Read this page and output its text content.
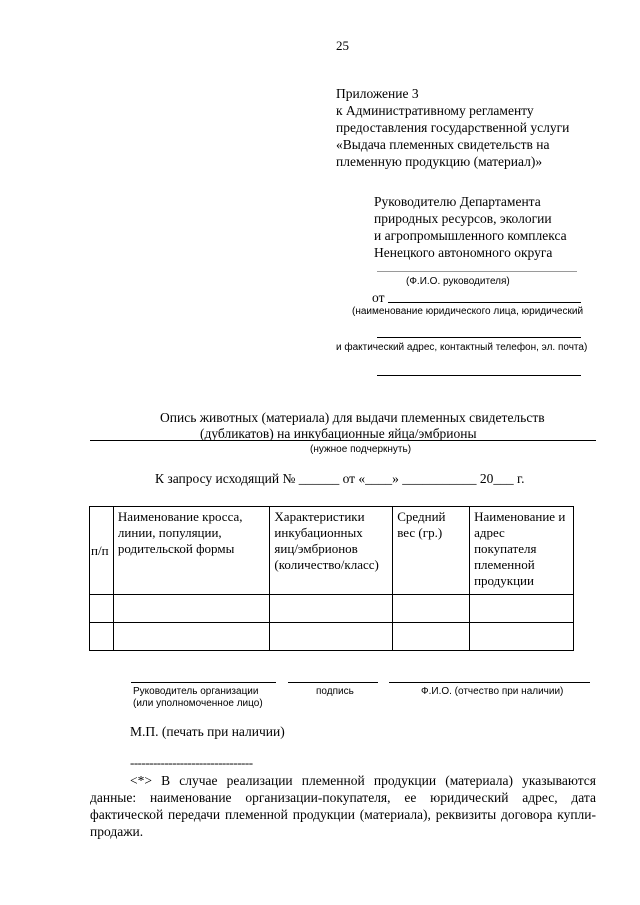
25
Приложение 3
к Административному регламенту
предоставления государственной услуги
«Выдача племенных свидетельств на
племенную продукцию (материал)»
Руководителю Департамента
природных ресурсов, экологии
и агропромышленного комплекса
Ненецкого автономного округа
(Ф.И.О. руководителя)
от
(наименование юридического лица, юридический
и фактический адрес, контактный телефон, эл. почта)
Опись животных (материала) для выдачи племенных свидетельств
(дубликатов) на инкубационные яйца/эмбрионы
(нужное подчеркнуть)
К запросу исходящий № ______ от «____» ___________ 20___ г.
п/п	Наименование кросса, линии, популяции, родительской формы	Характеристики инкубационных яиц/эмбрионов (количество/класс)	Средний вес (гр.)	Наименование и адрес покупателя племенной продукции

Руководитель организации
(или уполномоченное лицо)
подпись	Ф.И.О. (отчество при наличии)
М.П. (печать при наличии)
--------------------------------
<*> В случае реализации племенной продукции (материала) указываются данные: наименование организации-покупателя, ее юридический адрес, дата фактической передачи племенной продукции (материала), реквизиты договора купли-продажи.
